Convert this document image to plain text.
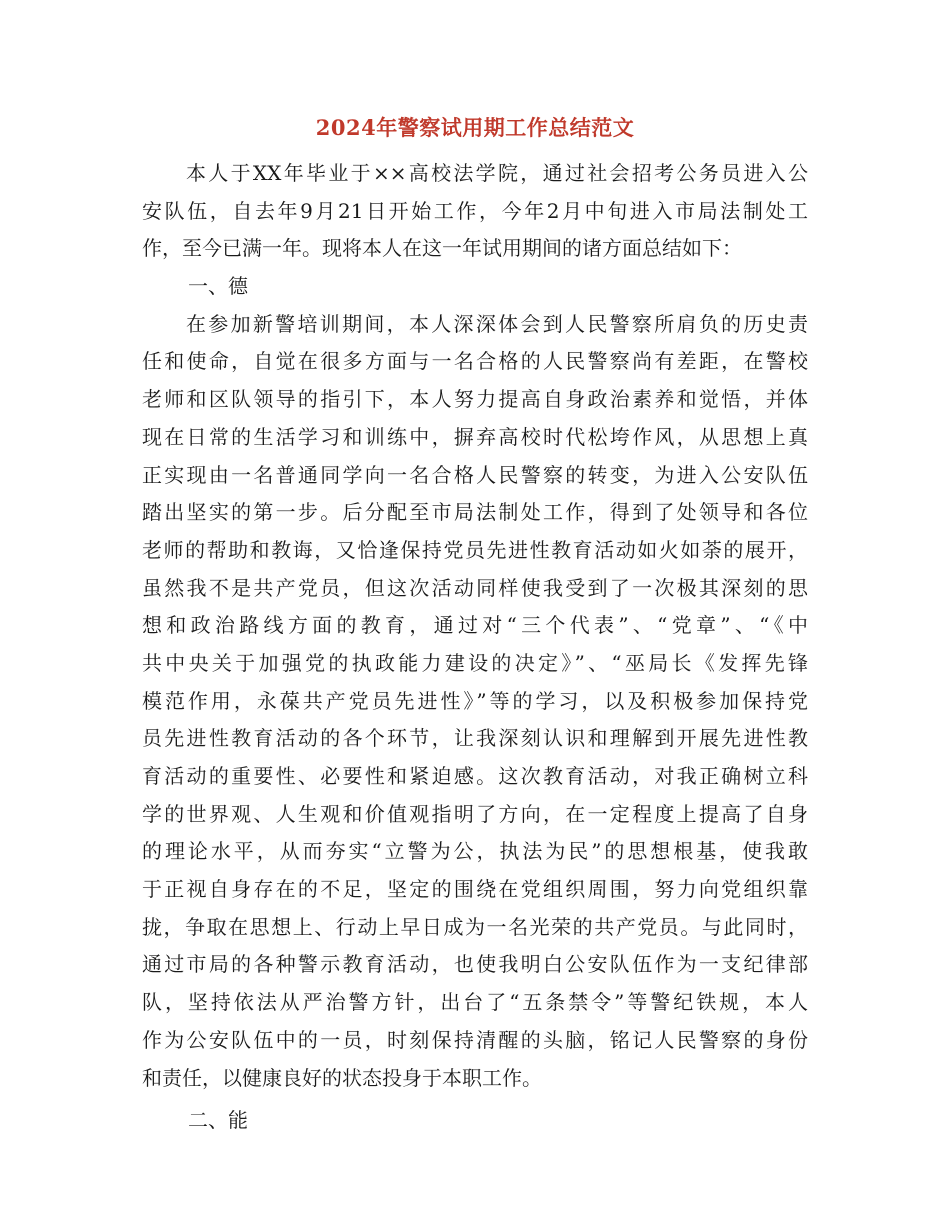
2024年警察试用期工作总结范文
本人于XX年毕业于××高校法学院，通过社会招考公务员进入公
安队伍，自去年9月21日开始工作，今年2月中旬进入市局法制处工
作，至今已满一年。现将本人在这一年试用期间的诸方面总结如下：
一、德
在参加新警培训期间，本人深深体会到人民警察所肩负的历史责
任和使命，自觉在很多方面与一名合格的人民警察尚有差距，在警校
老师和区队领导的指引下，本人努力提高自身政治素养和觉悟，并体
现在日常的生活学习和训练中，摒弃高校时代松垮作风，从思想上真
正实现由一名普通同学向一名合格人民警察的转变，为进入公安队伍
踏出坚实的第一步。后分配至市局法制处工作，得到了处领导和各位
老师的帮助和教诲，又恰逢保持党员先进性教育活动如火如荼的展开，
虽然我不是共产党员，但这次活动同样使我受到了一次极其深刻的思
想和政治路线方面的教育，通过对“三个代表”、“党章”、“《中
共中央关于加强党的执政能力建设的决定》”、“巫局长《发挥先锋
模范作用，永葆共产党员先进性》”等的学习，以及积极参加保持党
员先进性教育活动的各个环节，让我深刻认识和理解到开展先进性教
育活动的重要性、必要性和紧迫感。这次教育活动，对我正确树立科
学的世界观、人生观和价值观指明了方向，在一定程度上提高了自身
的理论水平，从而夯实“立警为公，执法为民”的思想根基，使我敢
于正视自身存在的不足，坚定的围绕在党组织周围，努力向党组织靠
拢，争取在思想上、行动上早日成为一名光荣的共产党员。与此同时，
通过市局的各种警示教育活动，也使我明白公安队伍作为一支纪律部
队，坚持依法从严治警方针，出台了“五条禁令”等警纪铁规，本人
作为公安队伍中的一员，时刻保持清醒的头脑，铭记人民警察的身份
和责任，以健康良好的状态投身于本职工作。
二、能
